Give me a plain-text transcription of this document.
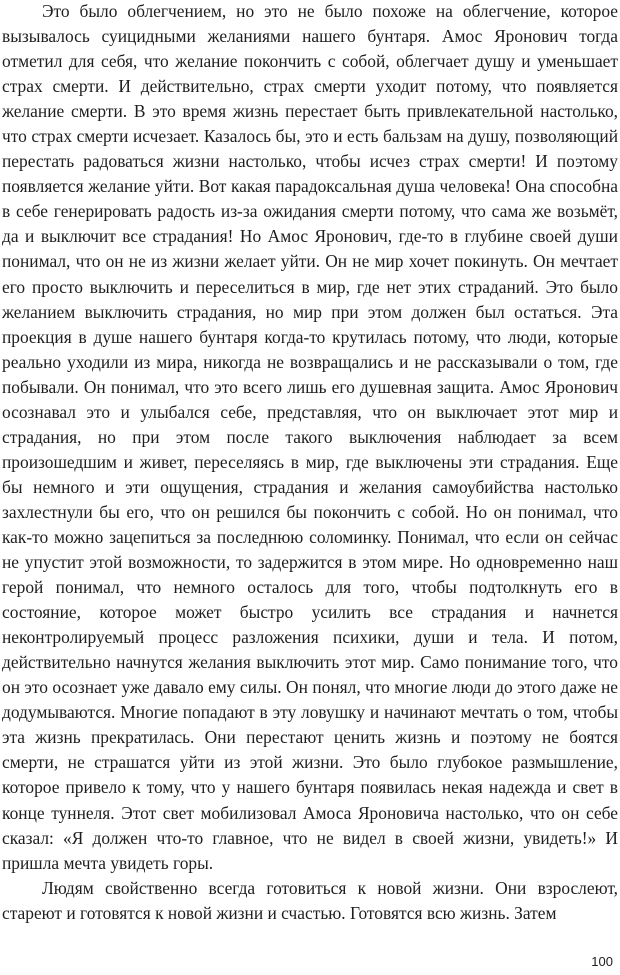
Это было облегчением, но это не было похоже на облегчение, которое вызывалось суицидными желаниями нашего бунтаря. Амос Яронович тогда отметил для себя, что желание покончить с собой, облегчает душу и уменьшает страх смерти. И действительно, страх смерти уходит потому, что появляется желание смерти. В это время жизнь перестает быть привлекательной настолько, что страх смерти исчезает. Казалось бы, это и есть бальзам на душу, позволяющий перестать радоваться жизни настолько, чтобы исчез страх смерти! И поэтому появляется желание уйти. Вот какая парадоксальная душа человека! Она способна в себе генерировать радость из-за ожидания смерти потому, что сама же возьмёт, да и выключит все страдания! Но Амос Яронович, где-то в глубине своей души понимал, что он не из жизни желает уйти. Он не мир хочет покинуть. Он мечтает его просто выключить и переселиться в мир, где нет этих страданий. Это было желанием выключить страдания, но мир при этом должен был остаться. Эта проекция в душе нашего бунтаря когда-то крутилась потому, что люди, которые реально уходили из мира, никогда не возвращались и не рассказывали о том, где побывали. Он понимал, что это всего лишь его душевная защита. Амос Яронович осознавал это и улыбался себе, представляя, что он выключает этот мир и страдания, но при этом после такого выключения наблюдает за всем произошедшим и живет, переселяясь в мир, где выключены эти страдания. Еще бы немного и эти ощущения, страдания и желания самоубийства настолько захлестнули бы его, что он решился бы покончить с собой. Но он понимал, что как-то можно зацепиться за последнюю соломинку. Понимал, что если он сейчас не упустит этой возможности, то задержится в этом мире. Но одновременно наш герой понимал, что немного осталось для того, чтобы подтолкнуть его в состояние, которое может быстро усилить все страдания и начнется неконтролируемый процесс разложения психики, души и тела. И потом, действительно начнутся желания выключить этот мир. Само понимание того, что он это осознает уже давало ему силы. Он понял, что многие люди до этого даже не додумываются. Многие попадают в эту ловушку и начинают мечтать о том, чтобы эта жизнь прекратилась. Они перестают ценить жизнь и поэтому не боятся смерти, не страшатся уйти из этой жизни. Это было глубокое размышление, которое привело к тому, что у нашего бунтаря появилась некая надежда и свет в конце туннеля. Этот свет мобилизовал Амоса Яроновича настолько, что он себе сказал: «Я должен что-то главное, что не видел в своей жизни, увидеть!» И пришла мечта увидеть горы.

Людям свойственно всегда готовиться к новой жизни. Они взрослеют, стареют и готовятся к новой жизни и счастью. Готовятся всю жизнь. Затем

100
